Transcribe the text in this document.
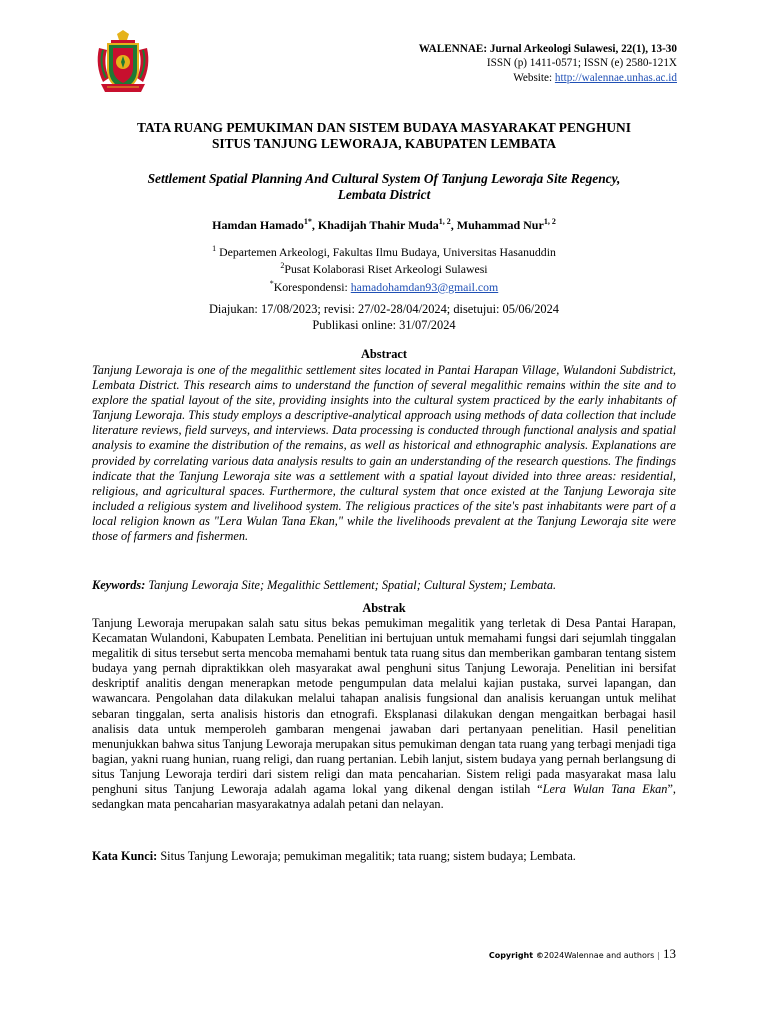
WALENNAE: Jurnal Arkeologi Sulawesi, 22(1), 13-30
ISSN (p) 1411-0571; ISSN (e) 2580-121X
Website: http://walennae.unhas.ac.id
TATA RUANG PEMUKIMAN DAN SISTEM BUDAYA MASYARAKAT PENGHUNI
SITUS TANJUNG LEWORAJA, KABUPATEN LEMBATA
Settlement Spatial Planning And Cultural System Of Tanjung Leworaja Site Regency,
Lembata District
Hamdan Hamado$^{1*}$, Khadijah Thahir Muda$^{1, 2}$, Muhammad Nur$^{1, 2}$
$^1$ Departemen Arkeologi, Fakultas Ilmu Budaya, Universitas Hasanuddin
$^2$Pusat Kolaborasi Riset Arkeologi Sulawesi
*Korespondensi: hamadohamdan93@gmail.com
Diajukan: 17/08/2023; revisi: 27/02-28/04/2024; disetujui: 05/06/2024
Publikasi online: 31/07/2024
Abstract
Tanjung Leworaja is one of the megalithic settlement sites located in Pantai Harapan Village, Wulandoni Subdistrict, Lembata District. This research aims to understand the function of several megalithic remains within the site and to explore the spatial layout of the site, providing insights into the cultural system practiced by the early inhabitants of Tanjung Leworaja. This study employs a descriptive-analytical approach using methods of data collection that include literature reviews, field surveys, and interviews. Data processing is conducted through functional analysis and spatial analysis to examine the distribution of the remains, as well as historical and ethnographic analysis. Explanations are provided by correlating various data analysis results to gain an understanding of the research questions. The findings indicate that the Tanjung Leworaja site was a settlement with a spatial layout divided into three areas: residential, religious, and agricultural spaces. Furthermore, the cultural system that once existed at the Tanjung Leworaja site included a religious system and livelihood system. The religious practices of the site's past inhabitants were part of a local religion known as "Lera Wulan Tana Ekan," while the livelihoods prevalent at the Tanjung Leworaja site were those of farmers and fishermen.
Keywords: Tanjung Leworaja Site; Megalithic Settlement; Spatial; Cultural System; Lembata.
Abstrak
Tanjung Leworaja merupakan salah satu situs bekas pemukiman megalitik yang terletak di Desa Pantai Harapan, Kecamatan Wulandoni, Kabupaten Lembata. Penelitian ini bertujuan untuk memahami fungsi dari sejumlah tinggalan megalitik di situs tersebut serta mencoba memahami bentuk tata ruang situs dan memberikan gambaran tentang sistem budaya yang pernah dipraktikkan oleh masyarakat awal penghuni situs Tanjung Leworaja. Penelitian ini bersifat deskriptif analitis dengan menerapkan metode pengumpulan data melalui kajian pustaka, survei lapangan, dan wawancara. Pengolahan data dilakukan melalui tahapan analisis fungsional dan analisis keruangan untuk melihat sebaran tinggalan, serta analisis historis dan etnografi. Eksplanasi dilakukan dengan mengaitkan berbagai hasil analisis data untuk memperoleh gambaran mengenai jawaban dari pertanyaan penelitian. Hasil penelitian menunjukkan bahwa situs Tanjung Leworaja merupakan situs pemukiman dengan tata ruang yang terbagi menjadi tiga bagian, yakni ruang hunian, ruang religi, dan ruang pertanian. Lebih lanjut, sistem budaya yang pernah berlangsung di situs Tanjung Leworaja terdiri dari sistem religi dan mata pencaharian. Sistem religi pada masyarakat masa lalu penghuni situs Tanjung Leworaja adalah agama lokal yang dikenal dengan istilah “Lera Wulan Tana Ekan”, sedangkan mata pencaharian masyarakatnya adalah petani dan nelayan.
Kata Kunci: Situs Tanjung Leworaja; pemukiman megalitik; tata ruang; sistem budaya; Lembata.
Copyright ©2024Walennae and authors | 13
